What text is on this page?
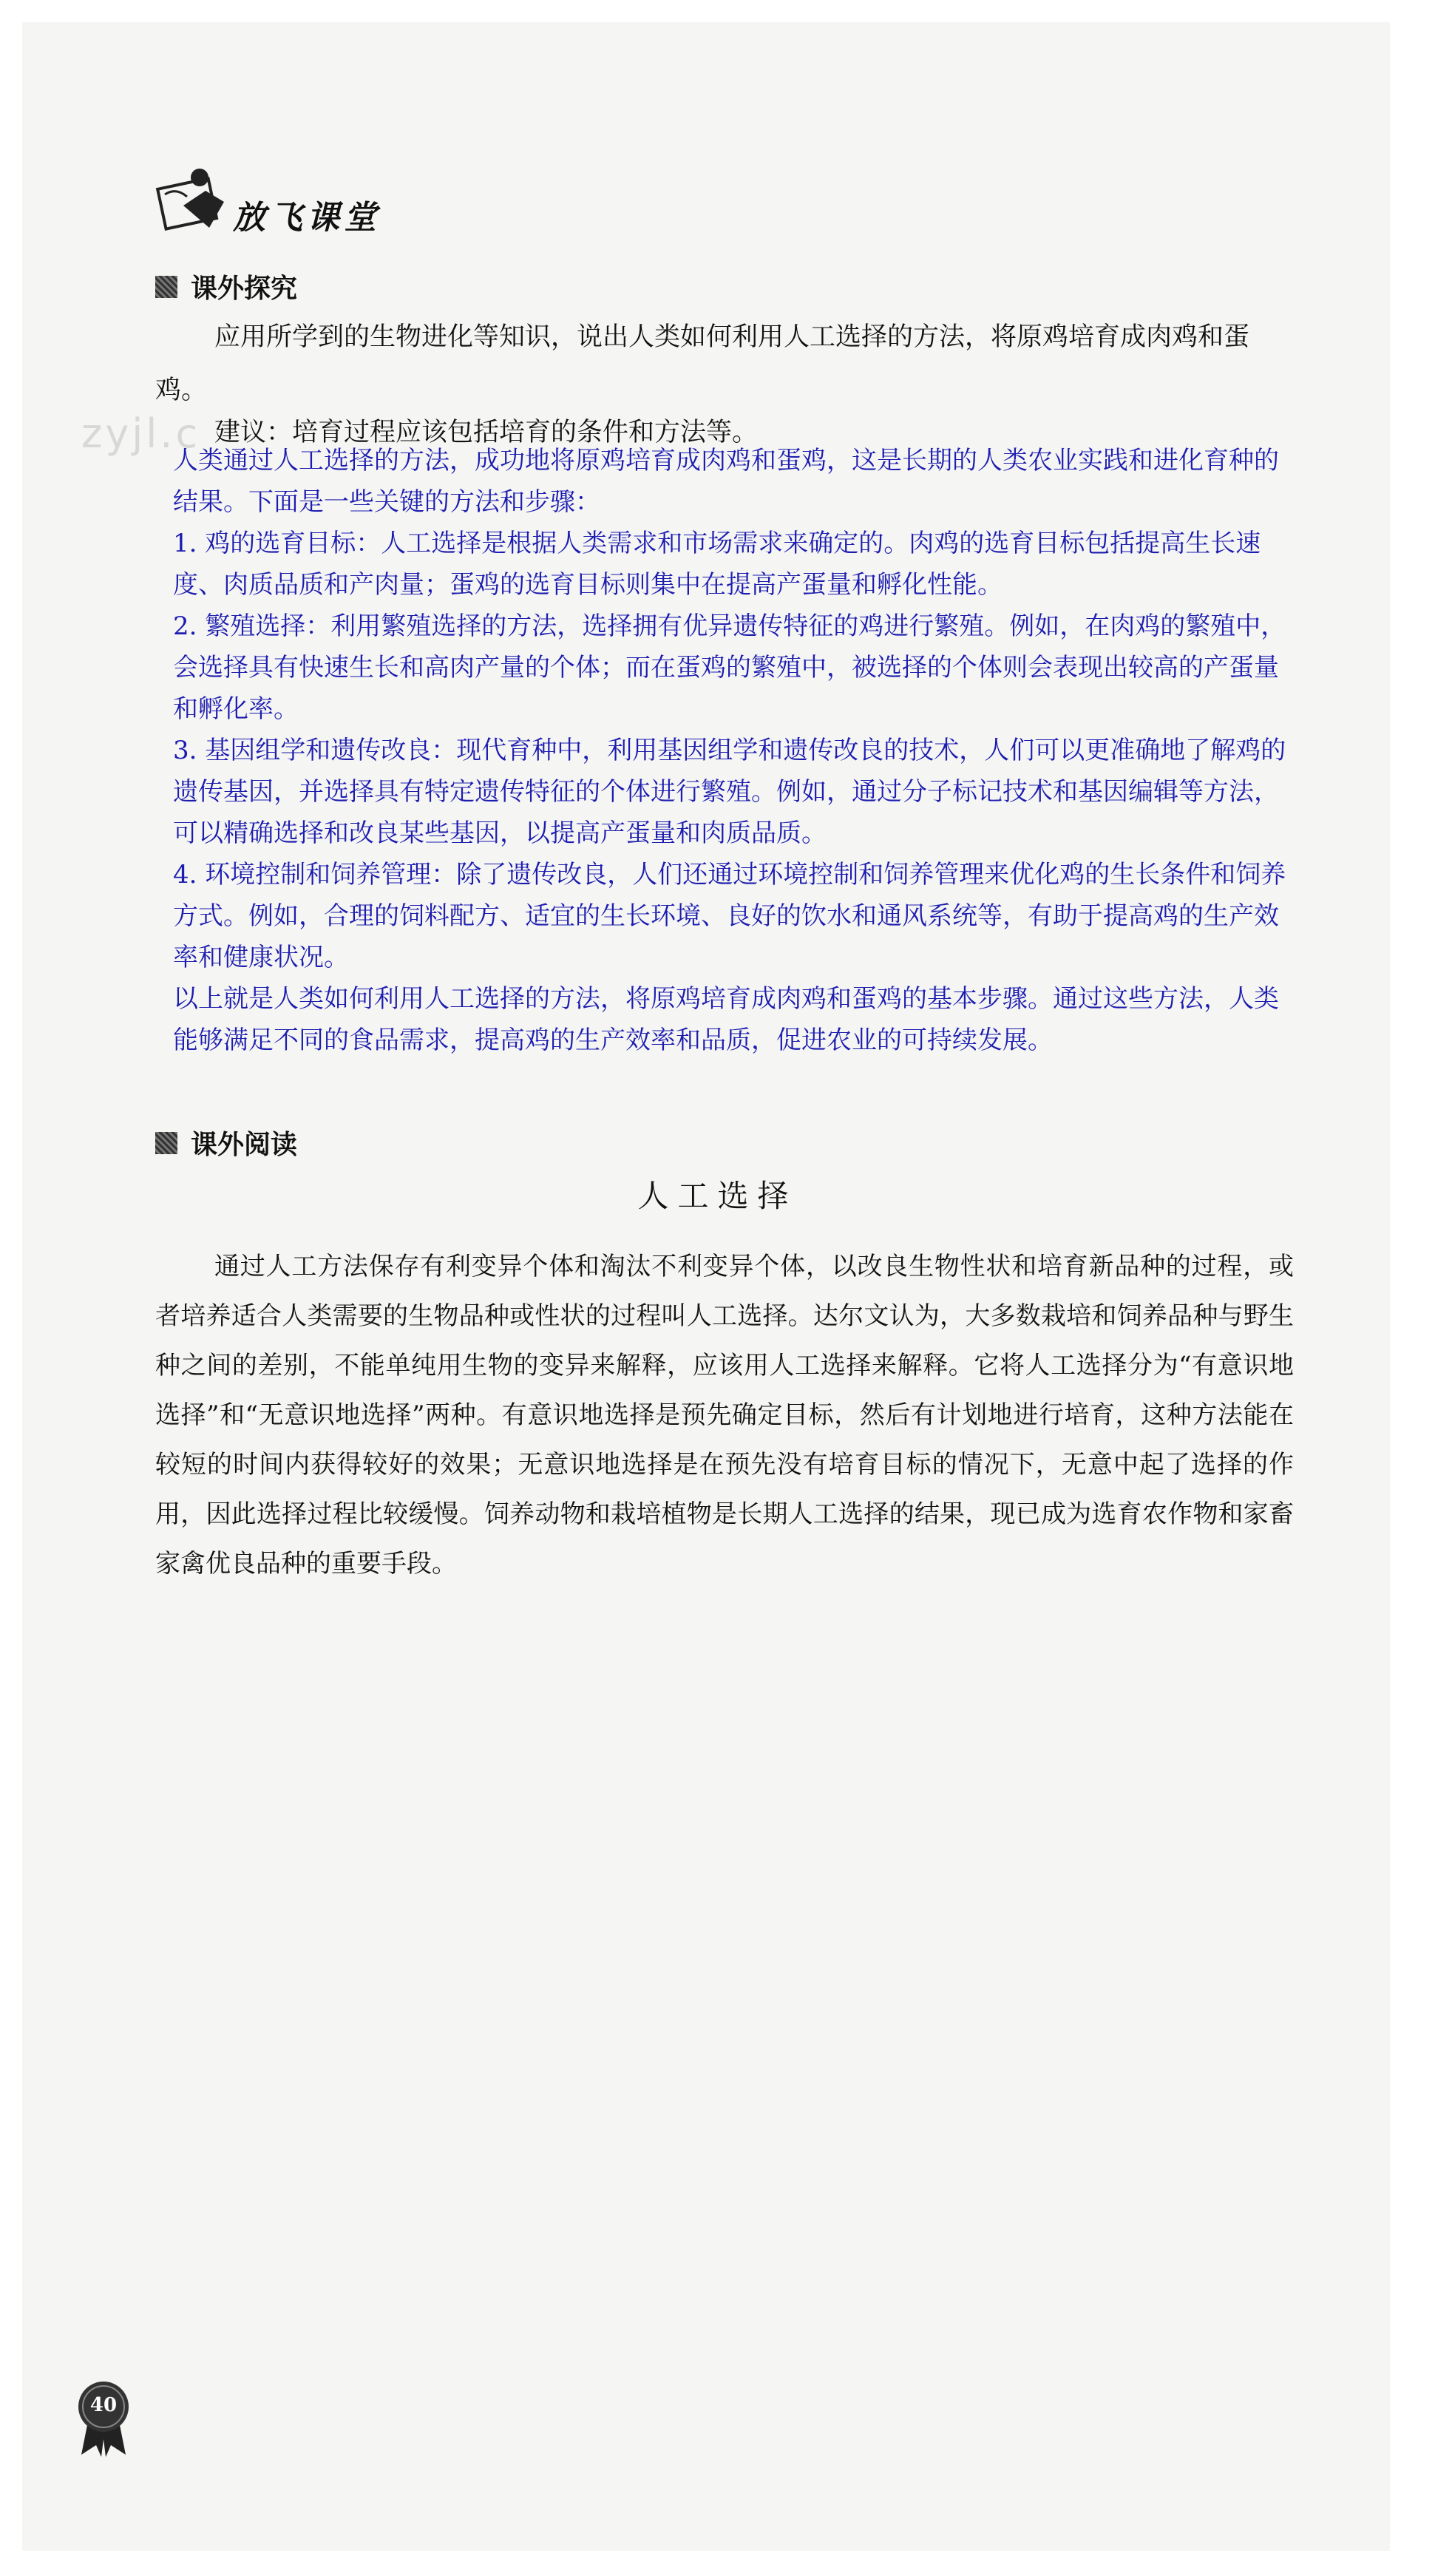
放飞课堂
zyjl.c
课外探究

应用所学到的生物进化等知识，说出人类如何利用人工选择的方法，将原鸡培育成肉鸡和蛋鸡。

建议：培育过程应该包括培育的条件和方法等。

人类通过人工选择的方法，成功地将原鸡培育成肉鸡和蛋鸡，这是长期的人类农业实践和进化育种的结果。下面是一些关键的方法和步骤：
1. 鸡的选育目标：人工选择是根据人类需求和市场需求来确定的。肉鸡的选育目标包括提高生长速度、肉质品质和产肉量；蛋鸡的选育目标则集中在提高产蛋量和孵化性能。
2. 繁殖选择：利用繁殖选择的方法，选择拥有优异遗传特征的鸡进行繁殖。例如，在肉鸡的繁殖中，会选择具有快速生长和高肉产量的个体；而在蛋鸡的繁殖中，被选择的个体则会表现出较高的产蛋量和孵化率。
3. 基因组学和遗传改良：现代育种中，利用基因组学和遗传改良的技术，人们可以更准确地了解鸡的遗传基因，并选择具有特定遗传特征的个体进行繁殖。例如，通过分子标记技术和基因编辑等方法，可以精确选择和改良某些基因，以提高产蛋量和肉质品质。
4. 环境控制和饲养管理：除了遗传改良，人们还通过环境控制和饲养管理来优化鸡的生长条件和饲养方式。例如，合理的饲料配方、适宜的生长环境、良好的饮水和通风系统等，有助于提高鸡的生产效率和健康状况。
以上就是人类如何利用人工选择的方法，将原鸡培育成肉鸡和蛋鸡的基本步骤。通过这些方法，人类能够满足不同的食品需求，提高鸡的生产效率和品质，促进农业的可持续发展。
课外阅读
人工选择

通过人工方法保存有利变异个体和淘汰不利变异个体，以改良生物性状和培育新品种的过程，或者培养适合人类需要的生物品种或性状的过程叫人工选择。达尔文认为，大多数栽培和饲养品种与野生种之间的差别，不能单纯用生物的变异来解释，应该用人工选择来解释。它将人工选择分为“有意识地选择”和“无意识地选择”两种。有意识地选择是预先确定目标，然后有计划地进行培育，这种方法能在较短的时间内获得较好的效果；无意识地选择是在预先没有培育目标的情况下，无意中起了选择的作用，因此选择过程比较缓慢。饲养动物和栽培植物是长期人工选择的结果，现已成为选育农作物和家畜家禽优良品种的重要手段。

40
